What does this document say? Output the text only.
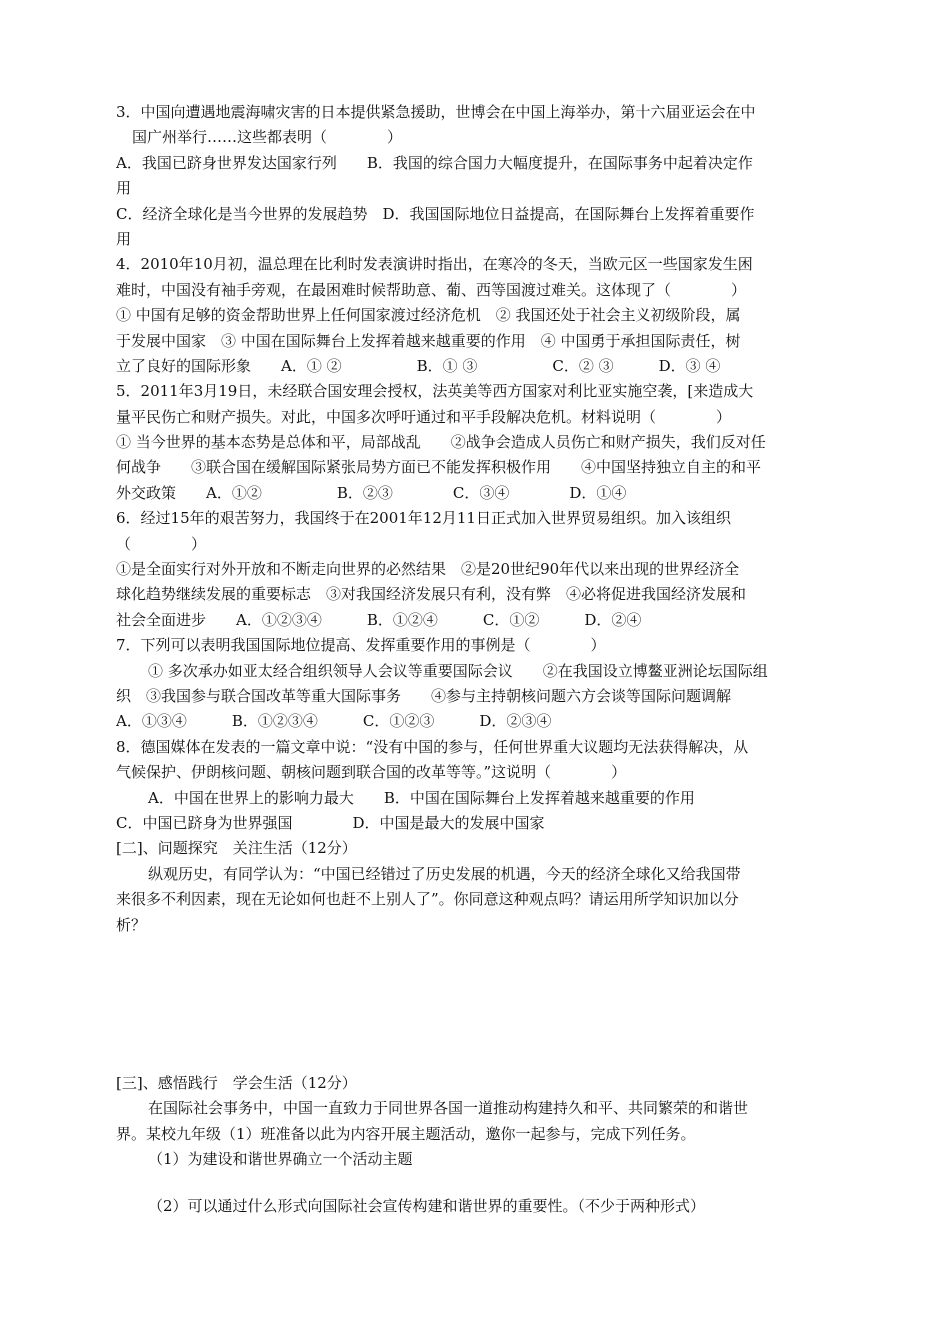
3．中国向遭遇地震海啸灾害的日本提供紧急援助，世博会在中国上海举办，第十六届亚运会在中
国广州举行……这些都表明（　　　　）
A．我国已跻身世界发达国家行列　　B．我国的综合国力大幅度提升，在国际事务中起着决定作
用
C．经济全球化是当今世界的发展趋势　D．我国国际地位日益提高，在国际舞台上发挥着重要作
用
4．2010年10月初，温总理在比利时发表演讲时指出，在寒冷的冬天，当欧元区一些国家发生困
难时，中国没有袖手旁观，在最困难时候帮助意、葡、西等国渡过难关。这体现了（　　　　）
① 中国有足够的资金帮助世界上任何国家渡过经济危机　② 我国还处于社会主义初级阶段，属
于发展中国家　③ 中国在国际舞台上发挥着越来越重要的作用　④ 中国勇于承担国际责任，树
立了良好的国际形象　　A．① ②　　　　　B．① ③　　　　　C．② ③　　　D．③ ④
5．2011年3月19日，未经联合国安理会授权，法英美等西方国家对利比亚实施空袭，[来造成大
量平民伤亡和财产损失。对此，中国多次呼吁通过和平手段解决危机。材料说明（　　　　）
① 当今世界的基本态势是总体和平，局部战乱　　②战争会造成人员伤亡和财产损失，我们反对任
何战争　　③联合国在缓解国际紧张局势方面已不能发挥积极作用　　④中国坚持独立自主的和平
外交政策　　A．①②　　　　　B．②③　　　　C．③④　　　　D．①④
6．经过15年的艰苦努力，我国终于在2001年12月11日正式加入世界贸易组织。加入该组织
（　　　　）
①是全面实行对外开放和不断走向世界的必然结果　②是20世纪90年代以来出现的世界经济全
球化趋势继续发展的重要标志　③对我国经济发展只有利，没有弊　④必将促进我国经济发展和
社会全面进步　　A．①②③④　　　B．①②④　　　C．①②　　　D．②④
7．下列可以表明我国国际地位提高、发挥重要作用的事例是（　　　　）
① 多次承办如亚太经合组织领导人会议等重要国际会议　　②在我国设立博鳌亚洲论坛国际组
织　③我国参与联合国改革等重大国际事务　　④参与主持朝核问题六方会谈等国际问题调解
A．①③④　　　B．①②③④　　　C．①②③　　　D．②③④
8．德国媒体在发表的一篇文章中说：“没有中国的参与，任何世界重大议题均无法获得解决，从
气候保护、伊朗核问题、朝核问题到联合国的改革等等。”这说明（　　　　）
A．中国在世界上的影响力最大　　B．中国在国际舞台上发挥着越来越重要的作用
C．中国已跻身为世界强国　　　　D．中国是最大的发展中国家
[二]、问题探究　关注生活（12分）
纵观历史，有同学认为：“中国已经错过了历史发展的机遇，今天的经济全球化又给我国带
来很多不利因素，现在无论如何也赶不上别人了”。你同意这种观点吗？请运用所学知识加以分
析？
[三]、感悟践行　学会生活（12分）
在国际社会事务中，中国一直致力于同世界各国一道推动构建持久和平、共同繁荣的和谐世
界。某校九年级（1）班准备以此为内容开展主题活动，邀你一起参与，完成下列任务。
（1）为建设和谐世界确立一个活动主题
（2）可以通过什么形式向国际社会宣传构建和谐世界的重要性。（不少于两种形式）
